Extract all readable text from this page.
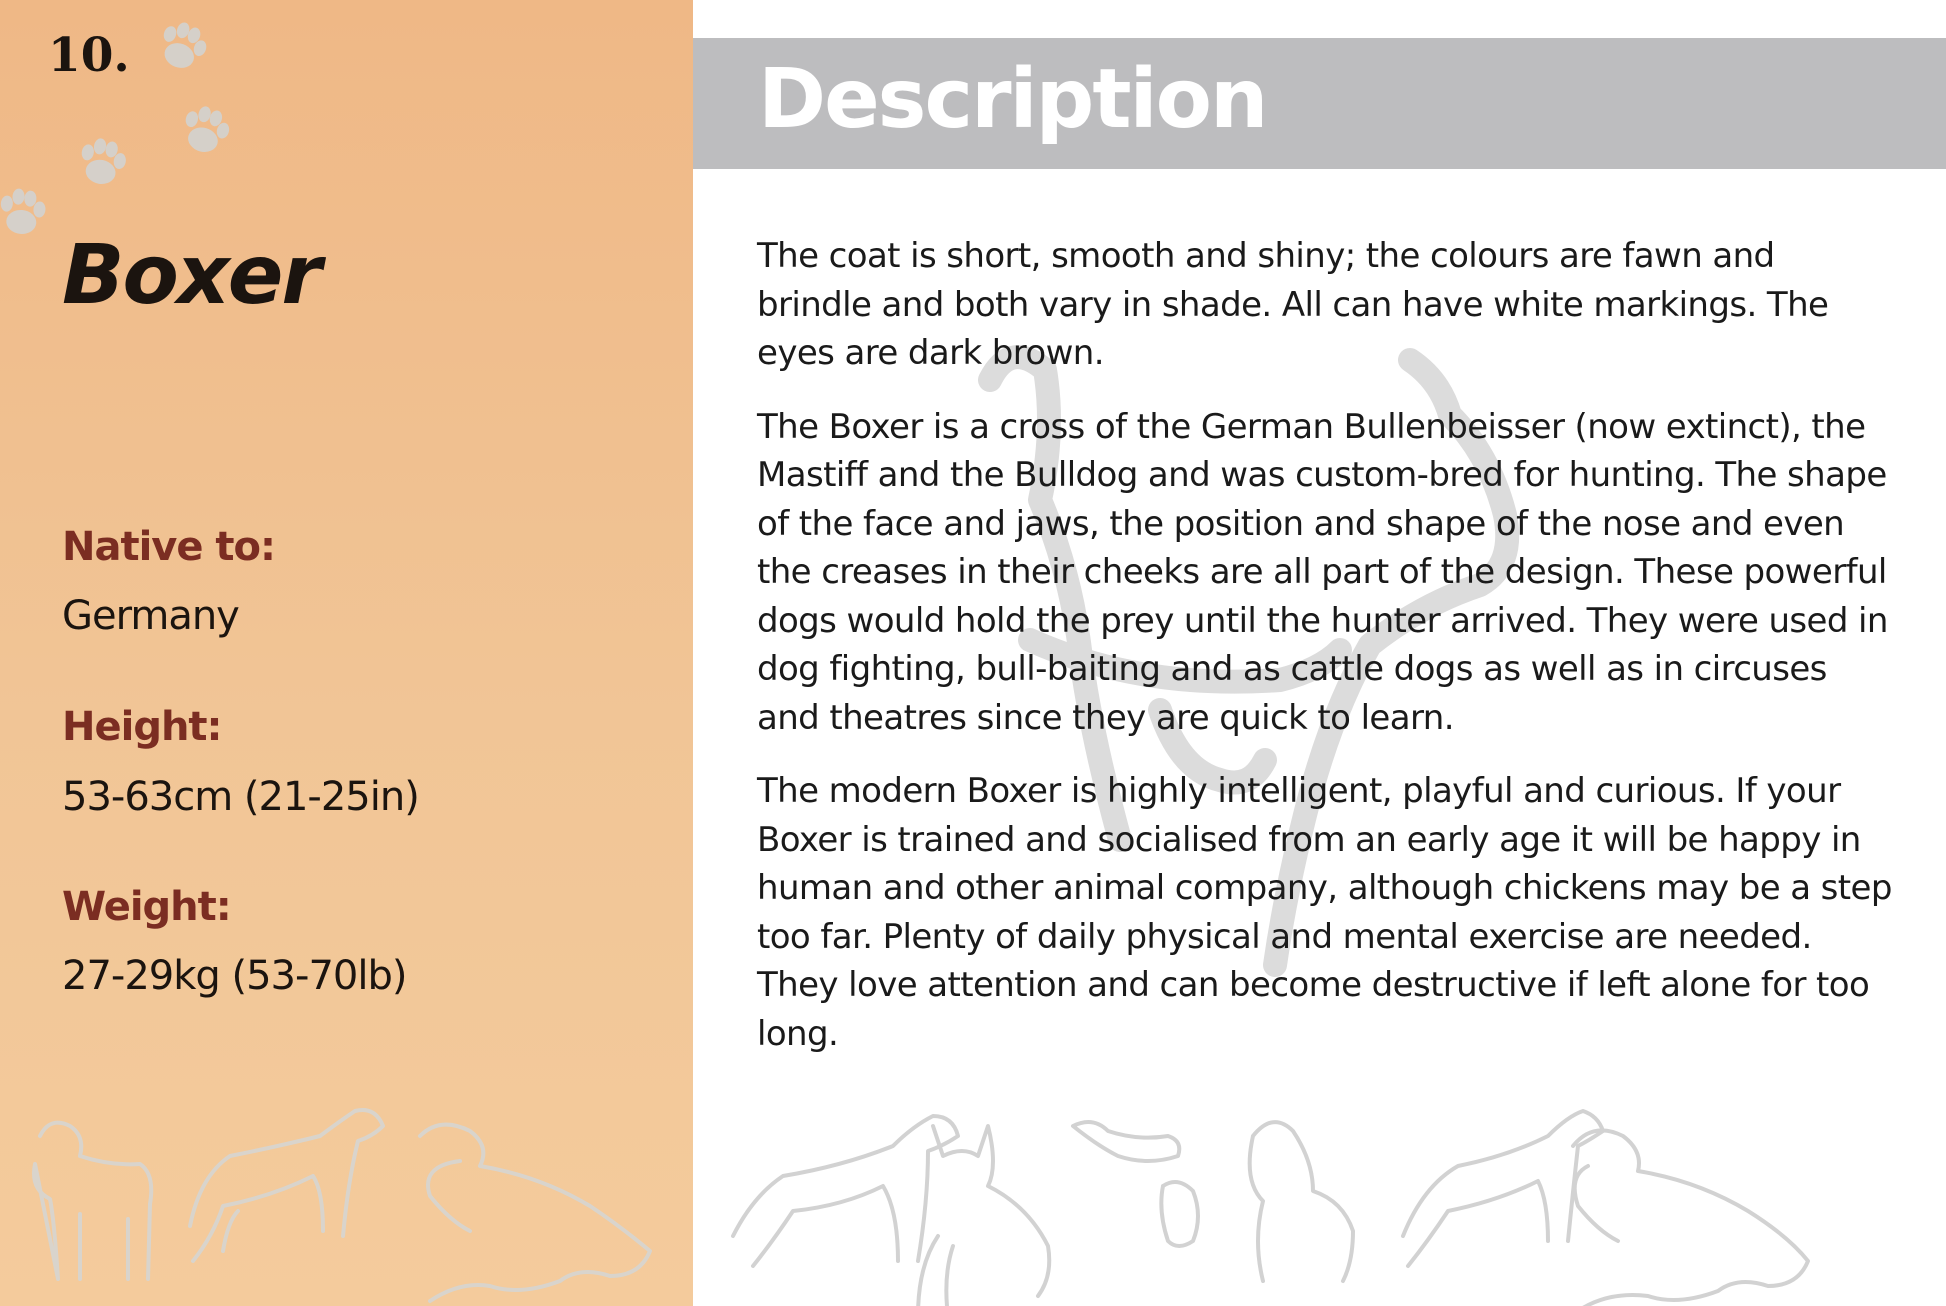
10.
Boxer

Native to:

Germany

Height:

53-63cm (21-25in)

Weight:

27-29kg (53-70lb)

Description

The coat is short, smooth and shiny; the colours are fawn and brindle and both vary in shade. All can have white markings. The eyes are dark brown.

The Boxer is a cross of the German Bullenbeisser (now extinct), the Mastiff and the Bulldog and was custom-bred for hunting. The shape of the face and jaws, the position and shape of the nose and even the creases in their cheeks are all part of the design. These powerful dogs would hold the prey until the hunter arrived. They were used in dog fighting, bull-baiting and as cattle dogs as well as in circuses and theatres since they are quick to learn.

The modern Boxer is highly intelligent, playful and curious. If your Boxer is trained and socialised from an early age it will be happy in human and other animal company, although chickens may be a step too far. Plenty of daily physical and mental exercise are needed. They love attention and can become destructive if left alone for too long.
